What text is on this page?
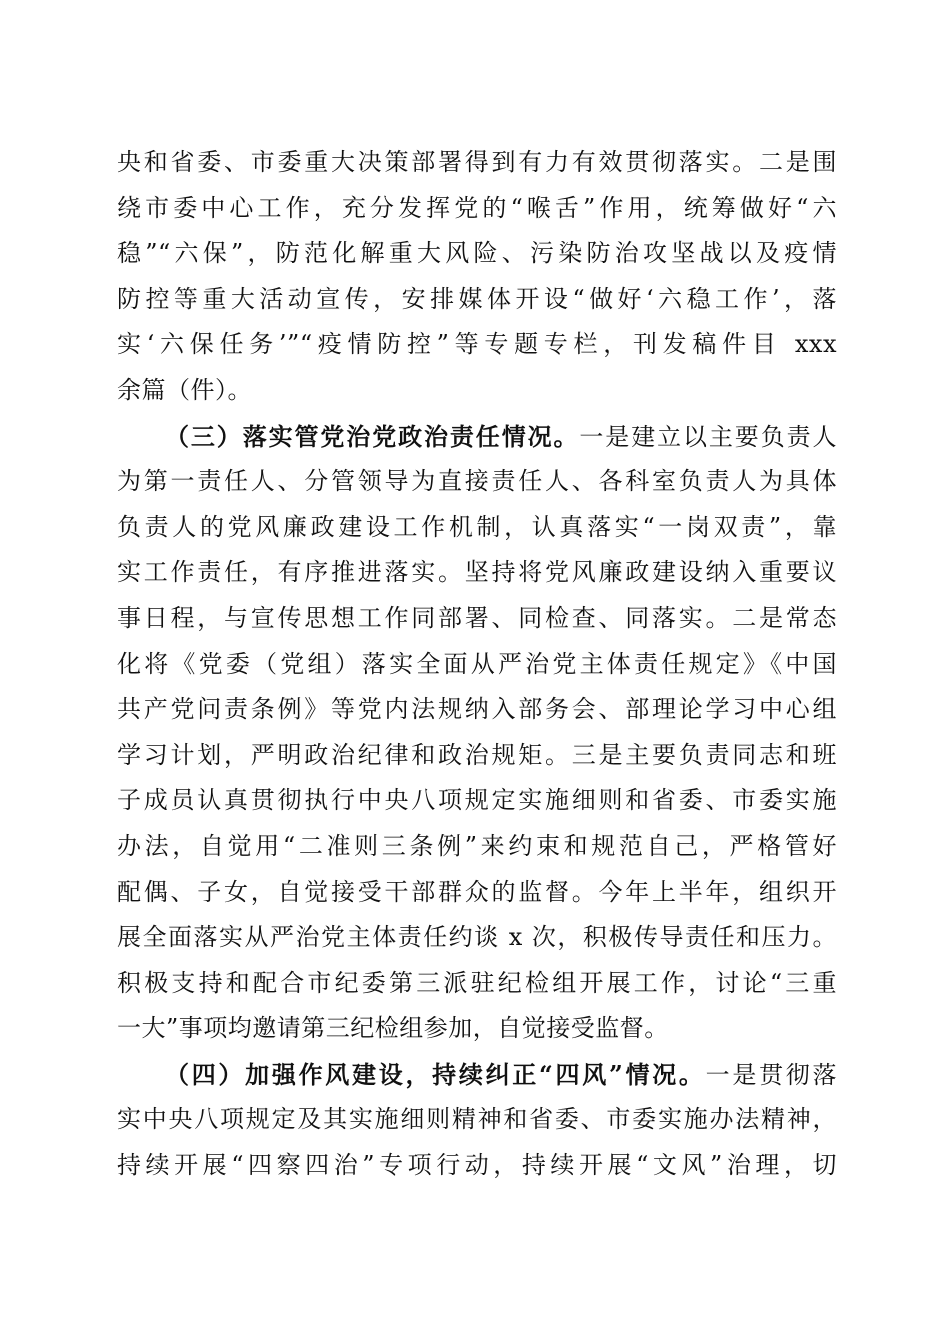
央和省委、市委重大决策部署得到有力有效贯彻落实。二是围
绕市委中心工作，充分发挥党的“喉舌”作用，统筹做好“六
稳”“六保”，防范化解重大风险、污染防治攻坚战以及疫情
防控等重大活动宣传，安排媒体开设“做好‘六稳工作’，落
实‘六保任务’”“疫情防控”等专题专栏，刊发稿件目 xxx
余篇（件）。
（三）落实管党治党政治责任情况。一是建立以主要负责人
为第一责任人、分管领导为直接责任人、各科室负责人为具体
负责人的党风廉政建设工作机制，认真落实“一岗双责”，靠
实工作责任，有序推进落实。坚持将党风廉政建设纳入重要议
事日程，与宣传思想工作同部署、同检查、同落实。二是常态
化将《党委（党组）落实全面从严治党主体责任规定》《中国
共产党问责条例》等党内法规纳入部务会、部理论学习中心组
学习计划，严明政治纪律和政治规矩。三是主要负责同志和班
子成员认真贯彻执行中央八项规定实施细则和省委、市委实施
办法，自觉用“二准则三条例”来约束和规范自己，严格管好
配偶、子女，自觉接受干部群众的监督。今年上半年，组织开
展全面落实从严治党主体责任约谈 x 次，积极传导责任和压力。
积极支持和配合市纪委第三派驻纪检组开展工作，讨论“三重
一大”事项均邀请第三纪检组参加，自觉接受监督。
（四）加强作风建设，持续纠正“四风”情况。一是贯彻落
实中央八项规定及其实施细则精神和省委、市委实施办法精神，
持续开展“四察四治”专项行动，持续开展“文风”治理，切
